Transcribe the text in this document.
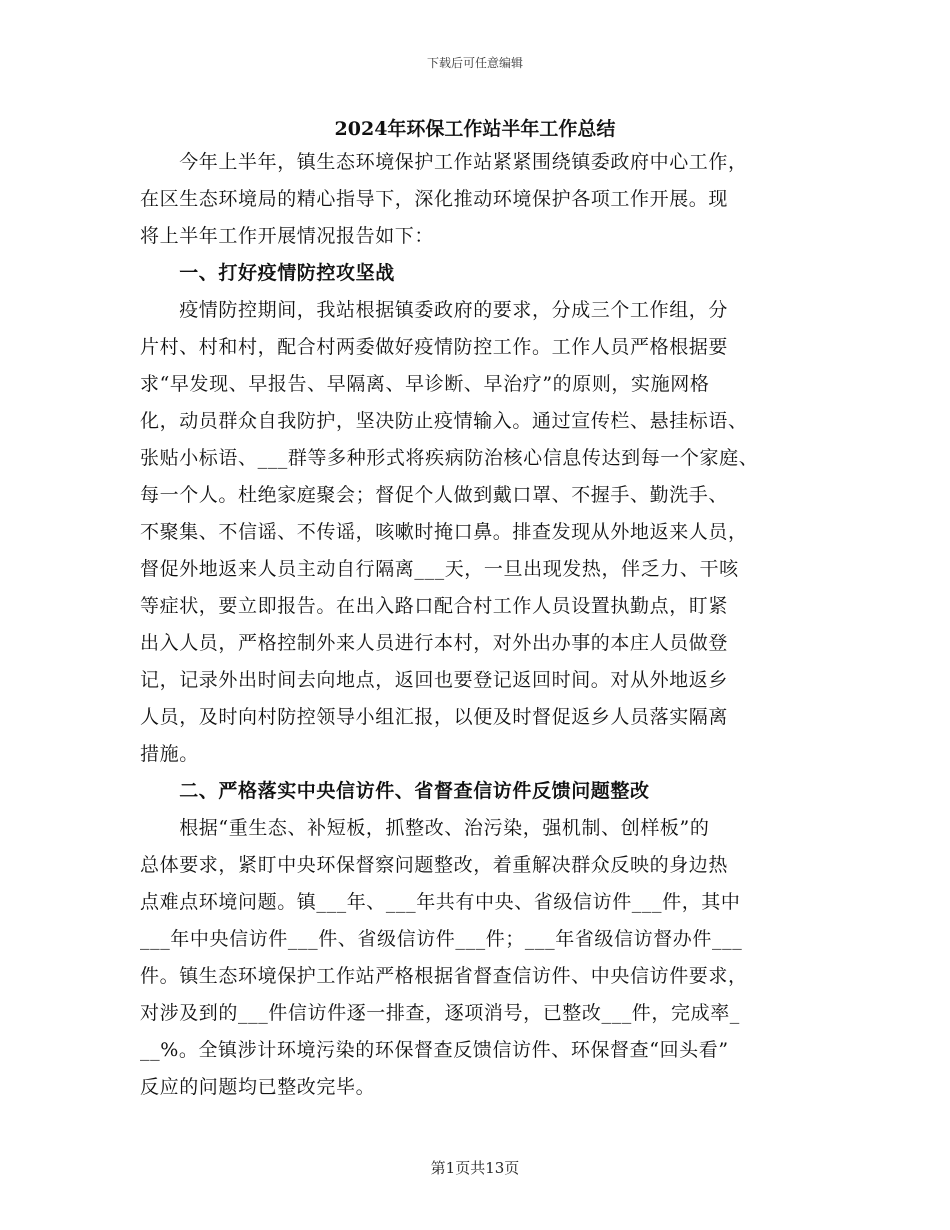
下载后可任意编辑
2024年环保工作站半年工作总结

　　今年上半年，镇生态环境保护工作站紧紧围绕镇委政府中心工作，

在区生态环境局的精心指导下，深化推动环境保护各项工作开展。现

将上半年工作开展情况报告如下：

　　一、打好疫情防控攻坚战

　　疫情防控期间，我站根据镇委政府的要求，分成三个工作组，分

片村、村和村，配合村两委做好疫情防控工作。工作人员严格根据要

求“早发现、早报告、早隔离、早诊断、早治疗”的原则，实施网格

化，动员群众自我防护，坚决防止疫情输入。通过宣传栏、悬挂标语、

张贴小标语、___群等多种形式将疾病防治核心信息传达到每一个家庭、

每一个人。杜绝家庭聚会；督促个人做到戴口罩、不握手、勤洗手、

不聚集、不信谣、不传谣，咳嗽时掩口鼻。排查发现从外地返来人员，

督促外地返来人员主动自行隔离___天，一旦出现发热，伴乏力、干咳

等症状，要立即报告。在出入路口配合村工作人员设置执勤点，盯紧

出入人员，严格控制外来人员进行本村，对外出办事的本庄人员做登

记，记录外出时间去向地点，返回也要登记返回时间。对从外地返乡

人员，及时向村防控领导小组汇报，以便及时督促返乡人员落实隔离

措施。

　　二、严格落实中央信访件、省督查信访件反馈问题整改

　　根据“重生态、补短板，抓整改、治污染，强机制、创样板”的

总体要求，紧盯中央环保督察问题整改，着重解决群众反映的身边热

点难点环境问题。镇___年、___年共有中央、省级信访件___件，其中

___年中央信访件___件、省级信访件___件；___年省级信访督办件___

件。镇生态环境保护工作站严格根据省督查信访件、中央信访件要求，

对涉及到的___件信访件逐一排查，逐项消号，已整改___件，完成率_

__%。全镇涉计环境污染的环保督查反馈信访件、环保督查“回头看”

反应的问题均已整改完毕。

第1页共13页
